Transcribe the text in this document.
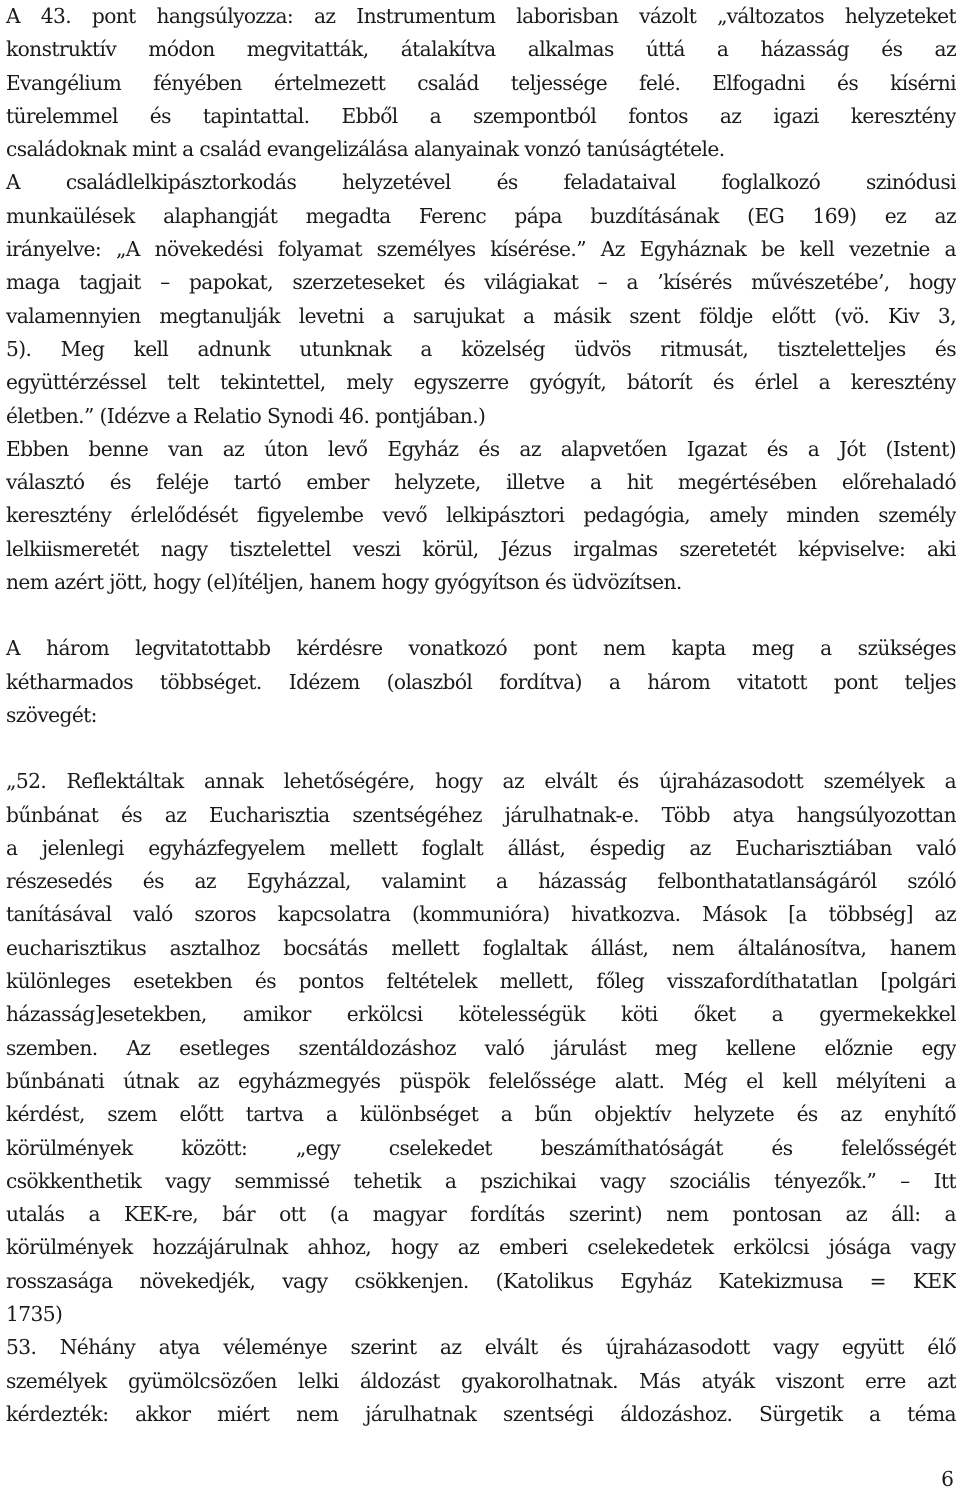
A 43. pont hangsúlyozza: az Instrumentum laborisban vázolt „változatos helyzeteket
konstruktív módon megvitatták, átalakítva alkalmas úttá a házasság és az
Evangélium fényében értelmezett család teljessége felé. Elfogadni és kísérni
türelemmel és tapintattal. Ebből a szempontból fontos az igazi keresztény
családoknak mint a család evangelizálása alanyainak vonzó tanúságtétele.
A családlelkipásztorkodás helyzetével és feladataival foglalkozó szinódusi
munkaülések alaphangját megadta Ferenc pápa buzdításának (EG 169) ez az
irányelve: „A növekedési folyamat személyes kísérése.” Az Egyháznak be kell vezetnie a
maga tagjait – papokat, szerzeteseket és világiakat – a ’kísérés művészetébe’, hogy
valamennyien megtanulják levetni a sarujukat a másik szent földje előtt (vö. Kiv 3,
5). Meg kell adnunk utunknak a közelség üdvös ritmusát, tiszteletteljes és
együttérzéssel telt tekintettel, mely egyszerre gyógyít, bátorít és érlel a keresztény
életben.” (Idézve a Relatio Synodi 46. pontjában.)
Ebben benne van az úton levő Egyház és az alapvetően Igazat és a Jót (Istent)
választó és feléje tartó ember helyzete, illetve a hit megértésében előrehaladó
keresztény érlelődését figyelembe vevő lelkipásztori pedagógia, amely minden személy
lelkiismeretét nagy tisztelettel veszi körül, Jézus irgalmas szeretetét képviselve: aki
nem azért jött, hogy (el)ítéljen, hanem hogy gyógyítson és üdvözítsen.
A három legvitatottabb kérdésre vonatkozó pont nem kapta meg a szükséges
kétharmados többséget. Idézem (olaszból fordítva) a három vitatott pont teljes
szövegét:
„52. Reflektáltak annak lehetőségére, hogy az elvált és újraházasodott személyek a
bűnbánat és az Eucharisztia szentségéhez járulhatnak-e. Több atya hangsúlyozottan
a jelenlegi egyházfegyelem mellett foglalt állást, éspedig az Eucharisztiában való
részesedés és az Egyházzal, valamint a házasság felbonthatatlanságáról szóló
tanításával való szoros kapcsolatra (kommunióra) hivatkozva. Mások [a többség] az
eucharisztikus asztalhoz bocsátás mellett foglaltak állást, nem általánosítva, hanem
különleges esetekben és pontos feltételek mellett, főleg visszafordíthatatlan [polgári
házasság]esetekben, amikor erkölcsi kötelességük köti őket a gyermekekkel
szemben. Az esetleges szentáldozáshoz való járulást meg kellene előznie egy
bűnbánati útnak az egyházmegyés püspök felelőssége alatt. Még el kell mélyíteni a
kérdést, szem előtt tartva a különbséget a bűn objektív helyzete és az enyhítő
körülmények között: „egy cselekedet beszámíthatóságát és felelősségét
csökkenthetik vagy semmissé tehetik a pszichikai vagy szociális tényezők.” – Itt
utalás a KEK-re, bár ott (a magyar fordítás szerint) nem pontosan az áll: a
körülmények hozzájárulnak ahhoz, hogy az emberi cselekedetek erkölcsi jósága vagy
rosszasága növekedjék, vagy csökkenjen. (Katolikus Egyház Katekizmusa = KEK
1735)
53. Néhány atya véleménye szerint az elvált és újraházasodott vagy együtt élő
személyek gyümölcsözően lelki áldozást gyakorolhatnak. Más atyák viszont erre azt
kérdezték: akkor miért nem járulhatnak szentségi áldozáshoz. Sürgetik a téma
6
